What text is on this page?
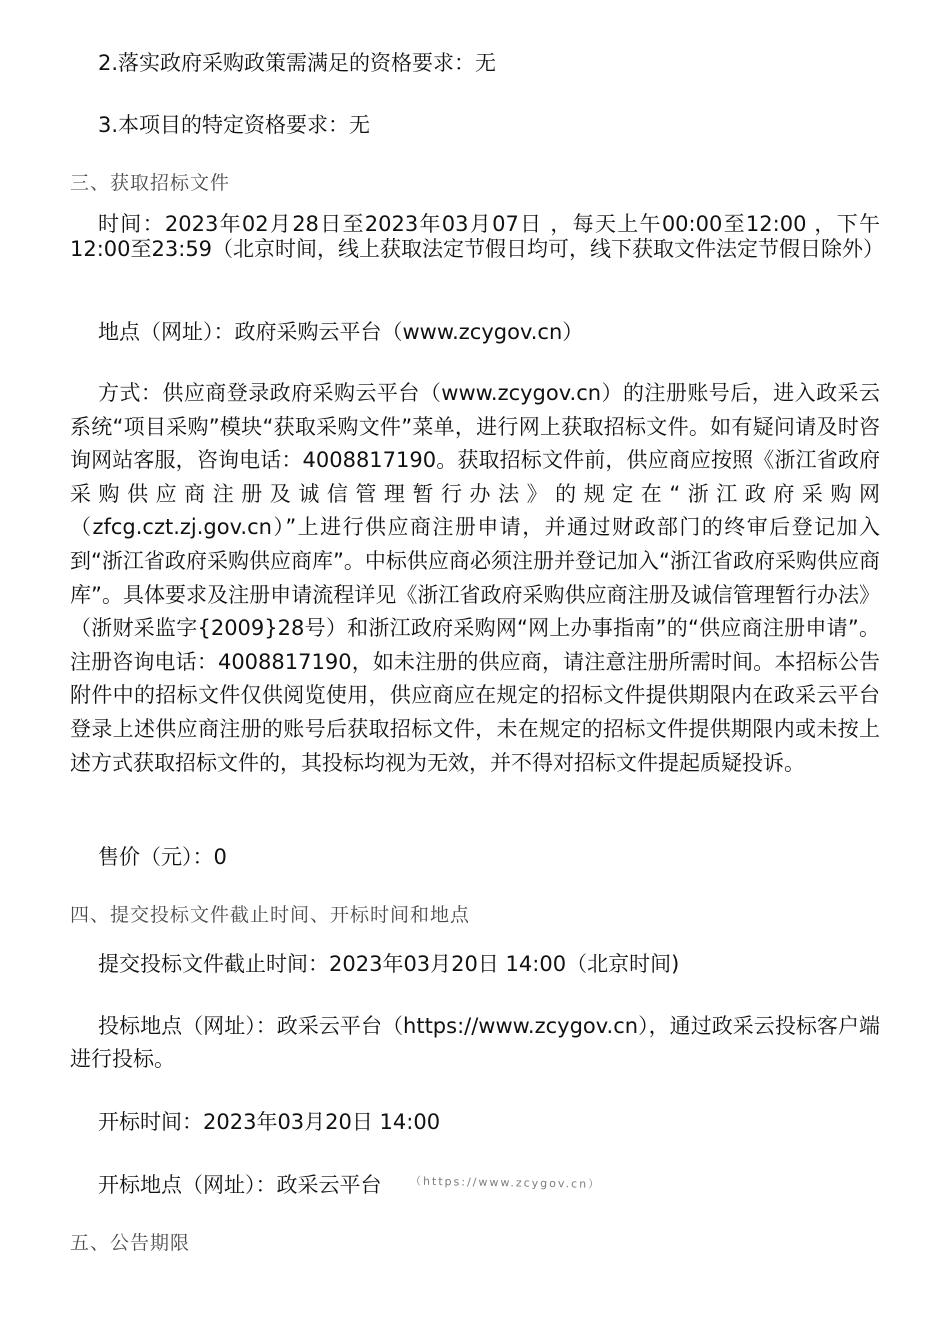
2.落实政府采购政策需满足的资格要求：无

3.本项目的特定资格要求：无

三、获取招标文件

时间：2023年02月28日至2023年03月07日 ，每天上午00:00至12:00 ，下午12:00至23:59（北京时间，线上获取法定节假日均可，线下获取文件法定节假日除外）

地点（网址）：政府采购云平台（www.zcygov.cn）

方式：供应商登录政府采购云平台（www.zcygov.cn）的注册账号后，进入政采云系统“项目采购”模块“获取采购文件”菜单，进行网上获取招标文件。如有疑问请及时咨询网站客服，咨询电话：4008817190。获取招标文件前，供应商应按照《浙江省政府采购供应商注册及诚信管理暂行办法》的规定在“浙江政府采购网（zfcg.czt.zj.gov.cn）”上进行供应商注册申请，并通过财政部门的终审后登记加入到“浙江省政府采购供应商库”。中标供应商必须注册并登记加入“浙江省政府采购供应商库”。具体要求及注册申请流程详见《浙江省政府采购供应商注册及诚信管理暂行办法》（浙财采监字{2009}28号）和浙江政府采购网“网上办事指南”的“供应商注册申请”。注册咨询电话：4008817190，如未注册的供应商，请注意注册所需时间。本招标公告附件中的招标文件仅供阅览使用，供应商应在规定的招标文件提供期限内在政采云平台登录上述供应商注册的账号后获取招标文件，未在规定的招标文件提供期限内或未按上述方式获取招标文件的，其投标均视为无效，并不得对招标文件提起质疑投诉。

售价（元）：0

四、提交投标文件截止时间、开标时间和地点

提交投标文件截止时间：2023年03月20日 14:00（北京时间)

投标地点（网址）：政采云平台（https://www.zcygov.cn），通过政采云投标客户端进行投标。

开标时间：2023年03月20日 14:00

开标地点（网址）：政采云平台	（https://www.zcygov.cn）

五、公告期限
